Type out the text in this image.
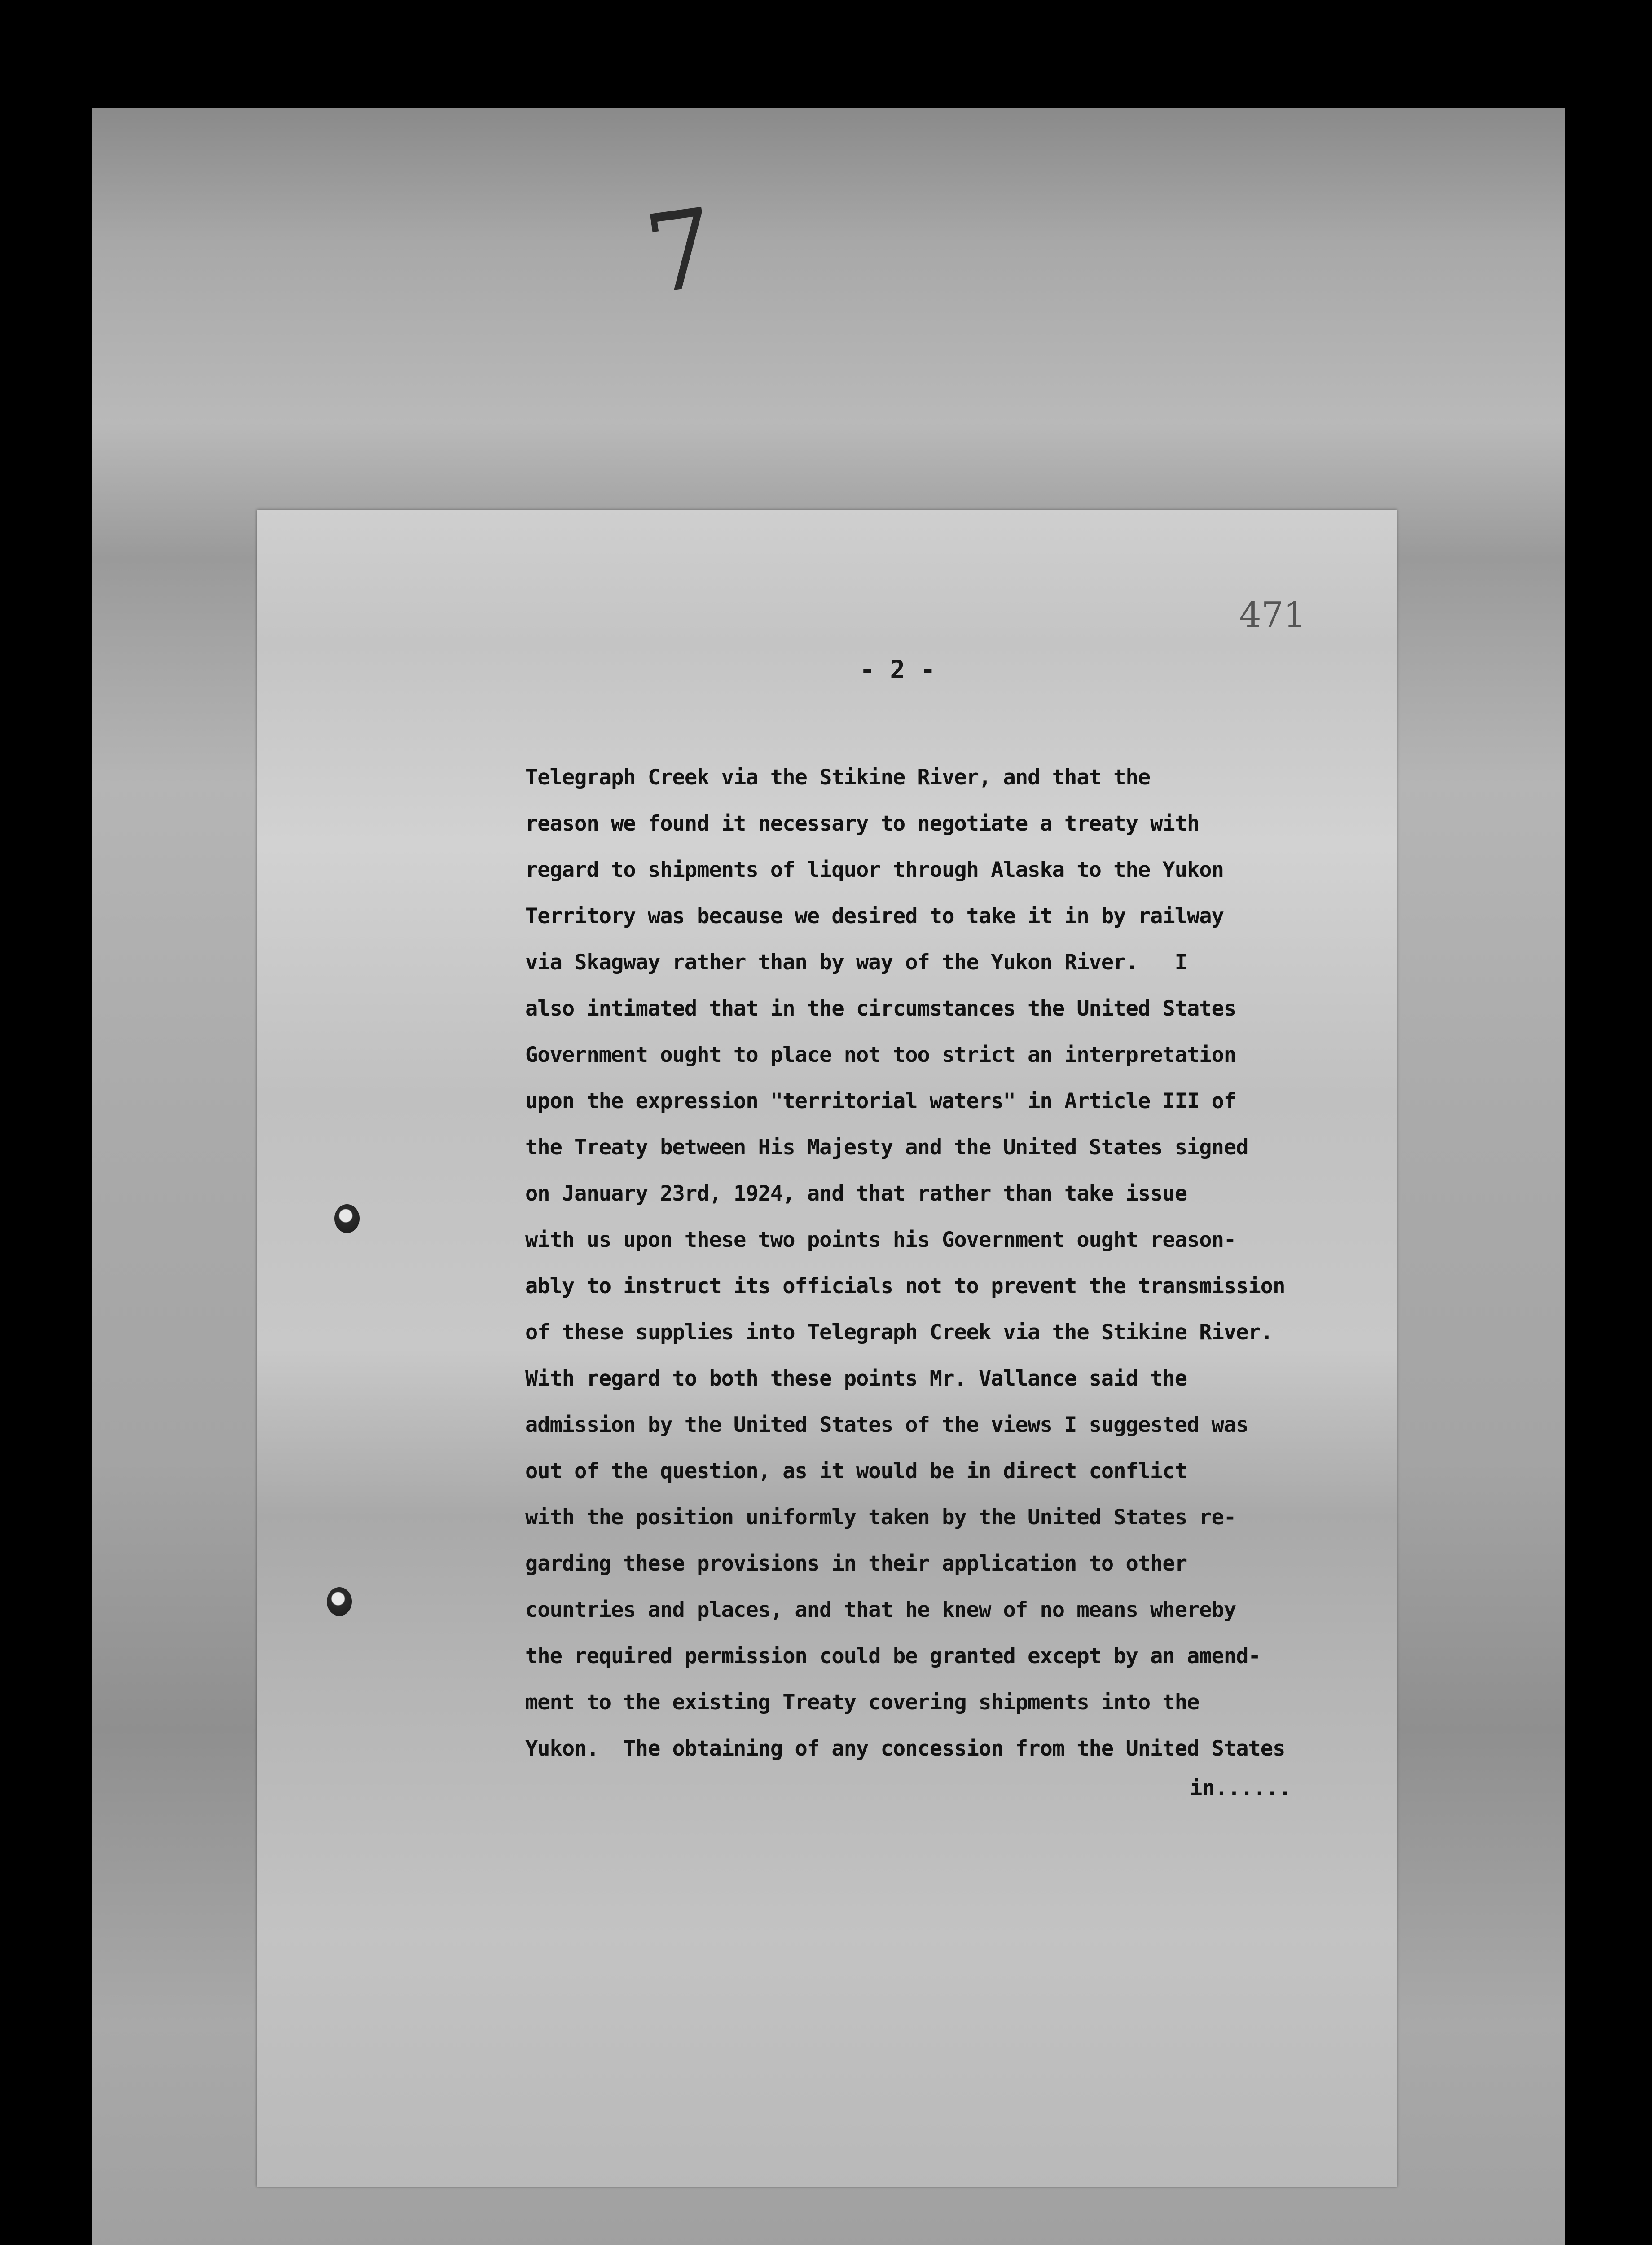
7
471
- 2 -
Telegraph Creek via the Stikine River, and that the
reason we found it necessary to negotiate a treaty with
regard to shipments of liquor through Alaska to the Yukon
Territory was because we desired to take it in by railway
via Skagway rather than by way of the Yukon River.   I
also intimated that in the circumstances the United States
Government ought to place not too strict an interpretation
upon the expression "territorial waters" in Article III of
the Treaty between His Majesty and the United States signed
on January 23rd, 1924, and that rather than take issue
with us upon these two points his Government ought reason-
ably to instruct its officials not to prevent the transmission
of these supplies into Telegraph Creek via the Stikine River.
With regard to both these points Mr. Vallance said the
admission by the United States of the views I suggested was
out of the question, as it would be in direct conflict
with the position uniformly taken by the United States re-
garding these provisions in their application to other
countries and places, and that he knew of no means whereby
the required permission could be granted except by an amend-
ment to the existing Treaty covering shipments into the
Yukon.  The obtaining of any concession from the United States
in......
